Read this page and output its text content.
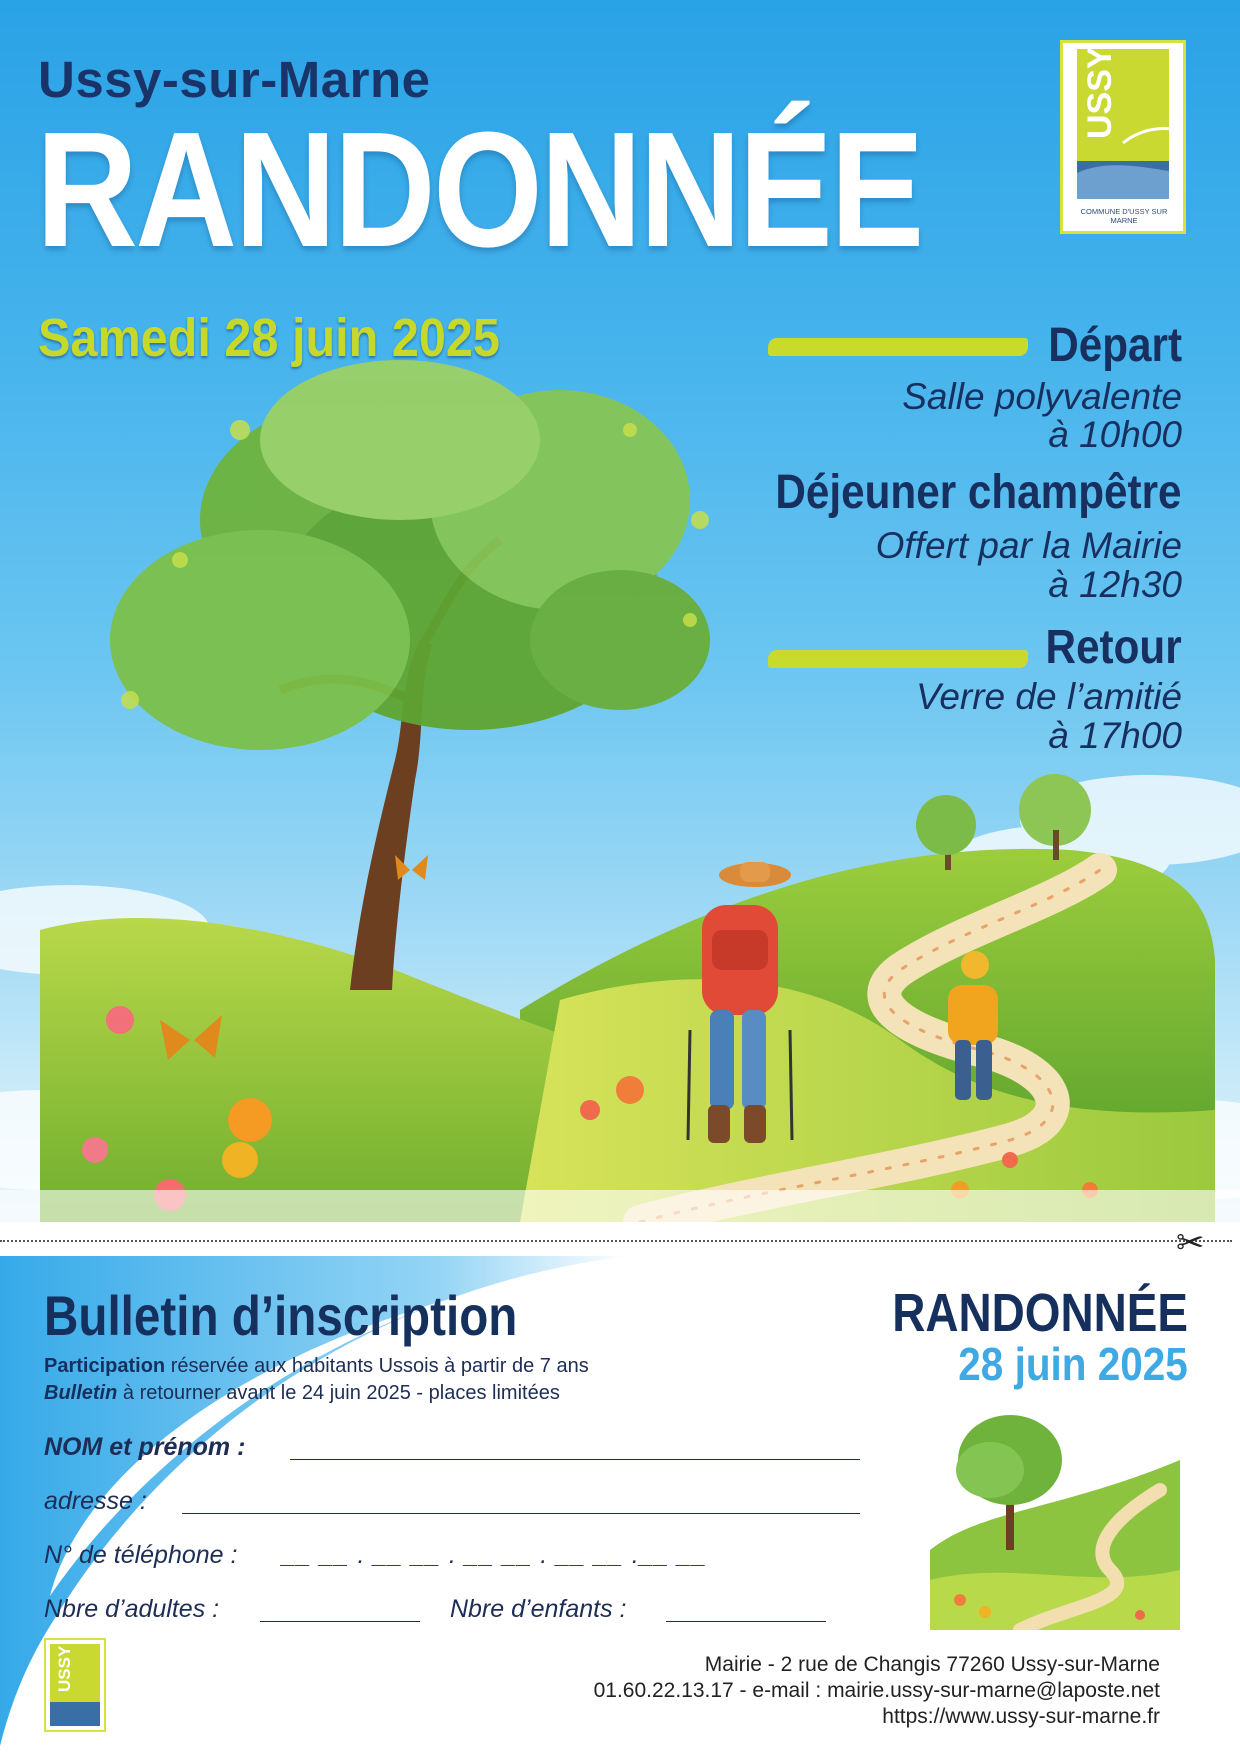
Ussy-sur-Marne
RANDONNÉE
Samedi 28 juin 2025	Départ
Salle polyvalente
à 10h00
Déjeuner champêtre
Offert par la Mairie
à 12h30
Retour
Verre de l’amitié
à 17h00
USSY
COMMUNE D'USSY SUR MARNE
✂
Bulletin d’inscription
Participation réservée aux habitants Ussois à partir de 7 ans
Bulletin à retourner avant le 24 juin 2025 - places limitées
NOM et prénom :
adresse :
N° de téléphone : __ __ . __ __ . __ __ . __ __ .__ __
Nbre d’adultes :	Nbre d’enfants :
RANDONNÉE
28 juin 2025
Mairie - 2 rue de Changis 77260 Ussy-sur-Marne
01.60.22.13.17 - e-mail : mairie.ussy-sur-marne@laposte.net
https://www.ussy-sur-marne.fr
USSY
